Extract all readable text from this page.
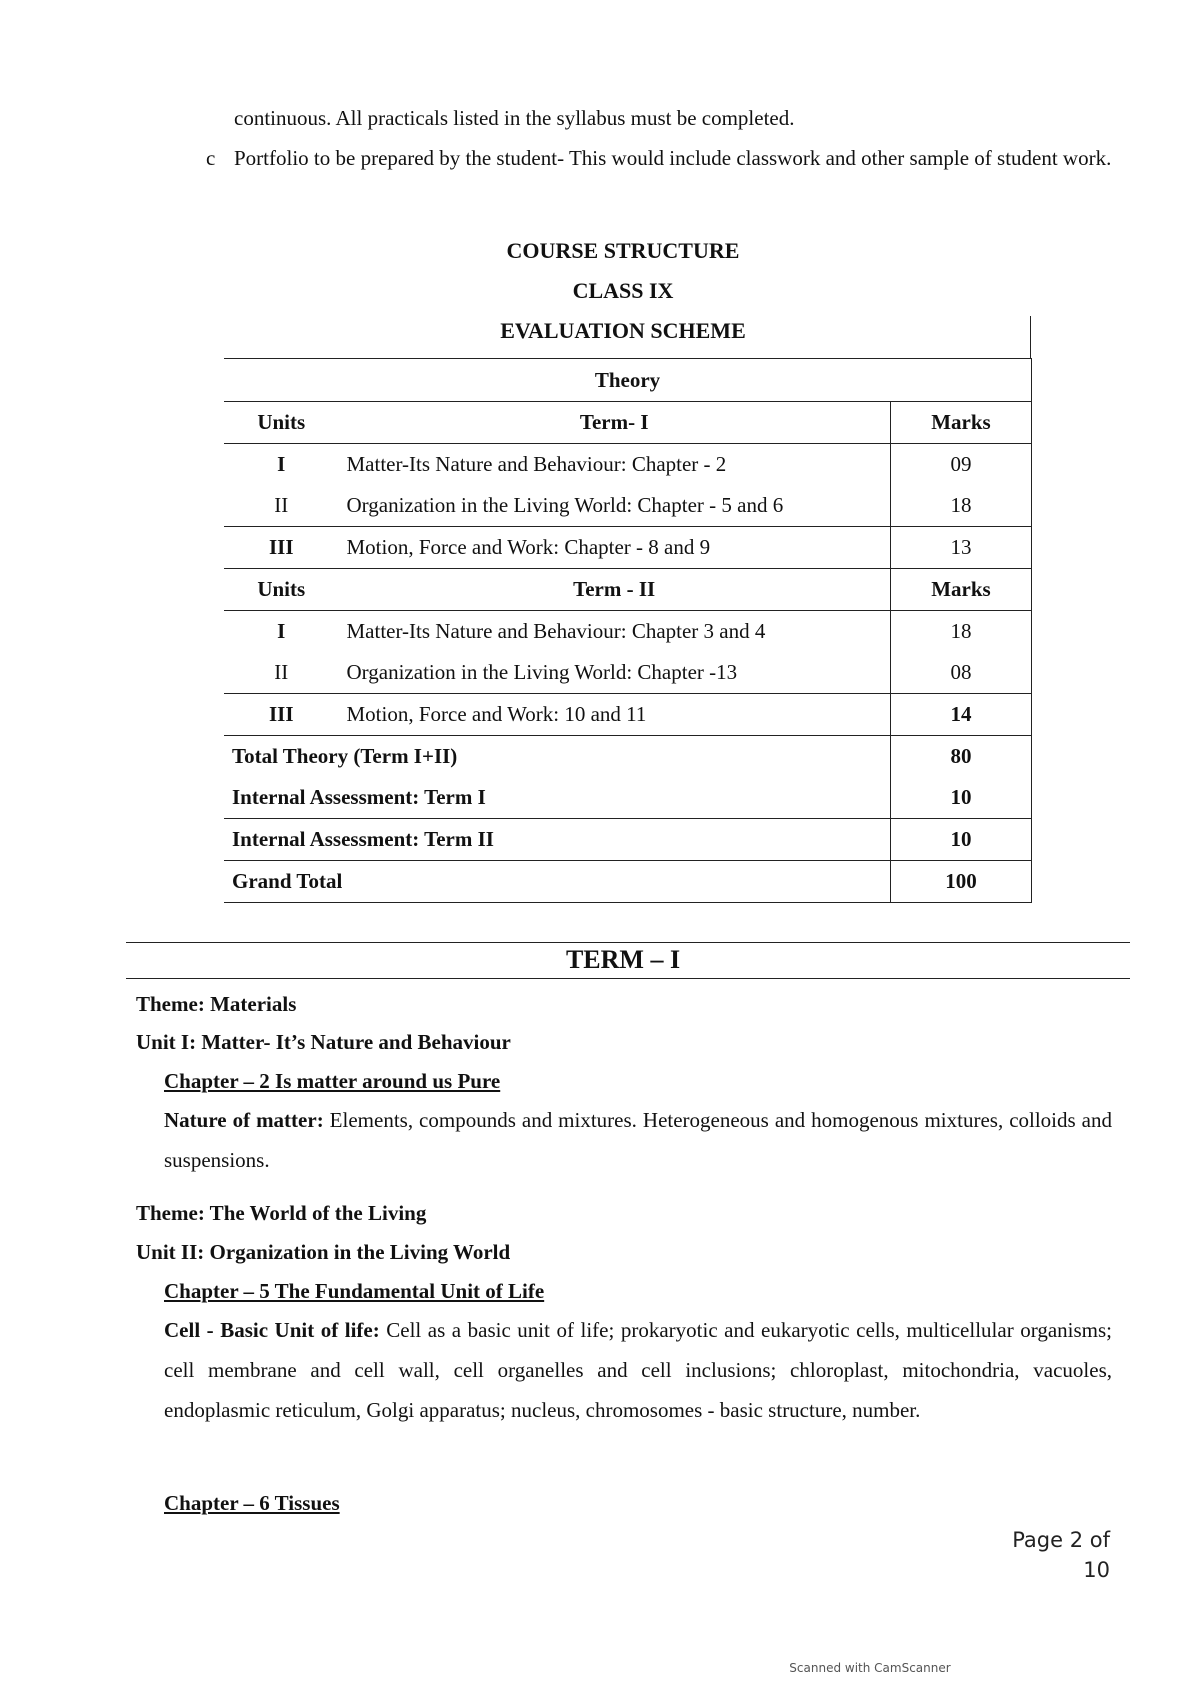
continuous. All practicals listed in the syllabus must be completed.
c Portfolio to be prepared by the student- This would include classwork and other sample of student work.
COURSE STRUCTURE
CLASS IX
EVALUATION SCHEME
Theory		
Units	Term- I	Marks
I	Matter-Its Nature and Behaviour: Chapter - 2	09
II	Organization in the Living World: Chapter - 5 and 6	18
III	Motion, Force and Work: Chapter - 8 and 9	13
Units	Term - II	Marks
I	Matter-Its Nature and Behaviour: Chapter 3 and 4	18
II	Organization in the Living World: Chapter -13	08
III	Motion, Force and Work: 10 and 11	14
Total Theory (Term I+II)		80
Internal Assessment: Term I		10
Internal Assessment: Term II		10
Grand Total		100
TERM – I
Theme: Materials
Unit I: Matter- It’s Nature and Behaviour
Chapter – 2 Is matter around us Pure
Nature of matter: Elements, compounds and mixtures. Heterogeneous and homogenous mixtures, colloids and suspensions.
Theme: The World of the Living
Unit II: Organization in the Living World
Chapter – 5 The Fundamental Unit of Life
Cell - Basic Unit of life: Cell as a basic unit of life; prokaryotic and eukaryotic cells, multicellular organisms; cell membrane and cell wall, cell organelles and cell inclusions; chloroplast, mitochondria, vacuoles, endoplasmic reticulum, Golgi apparatus; nucleus, chromosomes - basic structure, number.
Chapter – 6 Tissues
Page 2 of 10
Scanned with CamScanner
